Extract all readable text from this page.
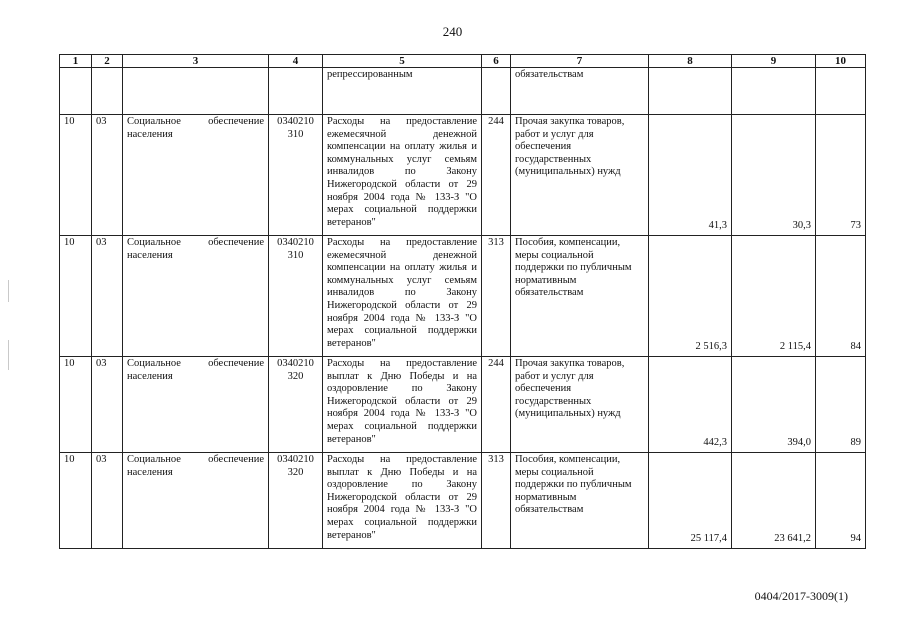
240
1	2	3	4	5	6	7	8	9	10
				репрессированным		обязательствам			
10	03	Социальное обеспечение населения	0340210 310	Расходы на предоставление ежемесячной денежной компенсации на оплату жилья и коммунальных услуг семьям инвалидов по Закону Нижегородской области от 29 ноября 2004 года № 133-З "О мерах социальной поддержки ветеранов"	244	Прочая закупка товаров, работ и услуг для обеспечения государственных (муниципальных) нужд	41,3	30,3	73
10	03	Социальное обеспечение населения	0340210 310	Расходы на предоставление ежемесячной денежной компенсации на оплату жилья и коммунальных услуг семьям инвалидов по Закону Нижегородской области от 29 ноября 2004 года № 133-З "О мерах социальной поддержки ветеранов"	313	Пособия, компенсации, меры социальной поддержки по публичным нормативным обязательствам	2 516,3	2 115,4	84
10	03	Социальное обеспечение населения	0340210 320	Расходы на предоставление выплат к Дню Победы и на оздоровление по Закону Нижегородской области от 29 ноября 2004 года № 133-З "О мерах социальной поддержки ветеранов"	244	Прочая закупка товаров, работ и услуг для обеспечения государственных (муниципальных) нужд	442,3	394,0	89
10	03	Социальное обеспечение населения	0340210 320	Расходы на предоставление выплат к Дню Победы и на оздоровление по Закону Нижегородской области от 29 ноября 2004 года № 133-З "О мерах социальной поддержки ветеранов"	313	Пособия, компенсации, меры социальной поддержки по публичным нормативным обязательствам	25 117,4	23 641,2	94
0404/2017-3009(1)
